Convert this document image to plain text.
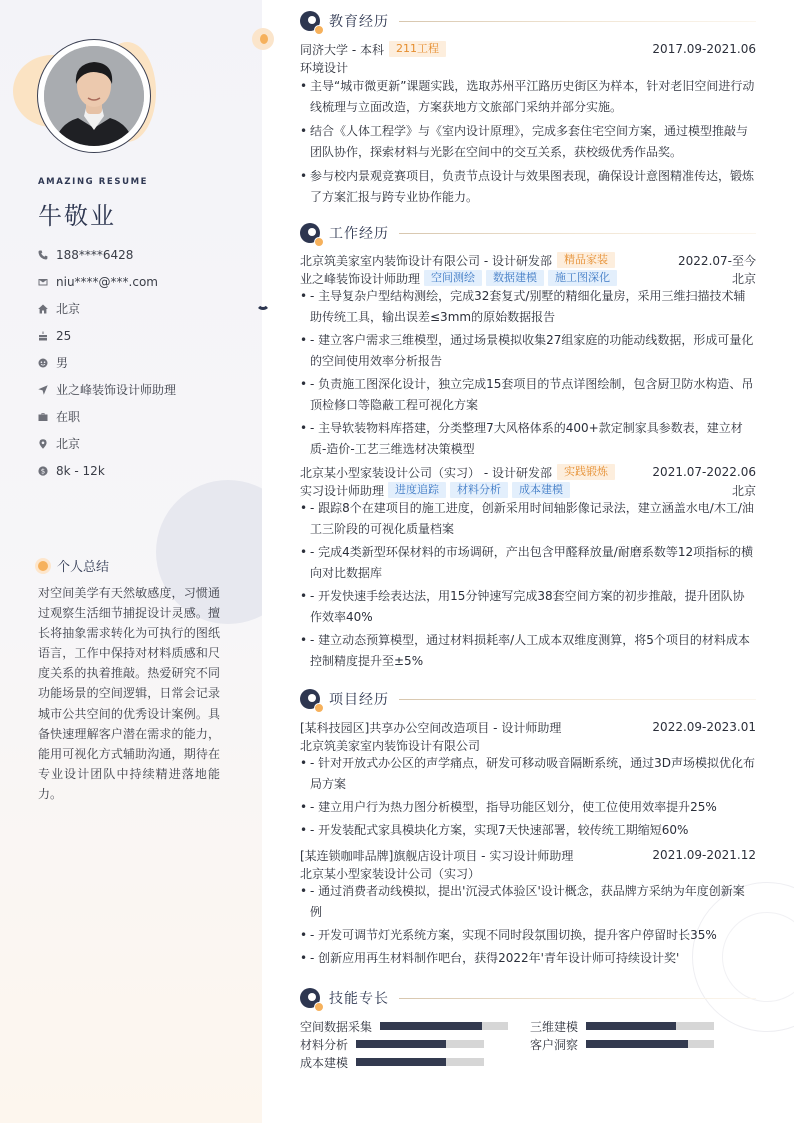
AMAZING RESUME
牛敬业
188****6428
niu****@***.com
北京
25
男
业之峰装饰设计师助理
在职
北京
$ 8k - 12k
个人总结

对空间美学有天然敏感度，习惯通过观察生活细节捕捉设计灵感。擅长将抽象需求转化为可执行的图纸语言，工作中保持对材料质感和尺度关系的执着推敲。热爱研究不同功能场景的空间逻辑，日常会记录城市公共空间的优秀设计案例。具备快速理解客户潜在需求的能力，能用可视化方式辅助沟通，期待在专业设计团队中持续精进落地能力。

教育经历
同济大学 - 本科	211工程	2017.09-2021.06
环境设计
• 主导“城市微更新”课题实践，选取苏州平江路历史街区为样本，针对老旧空间进行动线梳理与立面改造，方案获地方文旅部门采纳并部分实施。
• 结合《人体工程学》与《室内设计原理》，完成多套住宅空间方案，通过模型推敲与团队协作，探索材料与光影在空间中的交互关系，获校级优秀作品奖。
• 参与校内景观竞赛项目，负责节点设计与效果图表现，确保设计意图精准传达，锻炼了方案汇报与跨专业协作能力。
工作经历
北京筑美家室内装饰设计有限公司 - 设计研发部	精品家装	2022.07-至今
业之峰装饰设计师助理	空间测绘	数据建模	施工图深化	北京
• - 主导复杂户型结构测绘，完成32套复式/别墅的精细化量房，采用三维扫描技术辅助传统工具，输出误差≤3mm的原始数据报告
• - 建立客户需求三维模型，通过场景模拟收集27组家庭的功能动线数据，形成可量化的空间使用效率分析报告
• - 负责施工图深化设计，独立完成15套项目的节点详图绘制，包含厨卫防水构造、吊顶检修口等隐蔽工程可视化方案
• - 主导软装物料库搭建，分类整理7大风格体系的400+款定制家具参数表，建立材质-造价-工艺三维选材决策模型
北京某小型家装设计公司（实习） - 设计研发部	实践锻炼	2021.07-2022.06
实习设计师助理	进度追踪	材料分析	成本建模	北京
• - 跟踪8个在建项目的施工进度，创新采用时间轴影像记录法，建立涵盖水电/木工/油工三阶段的可视化质量档案
• - 完成4类新型环保材料的市场调研，产出包含甲醛释放量/耐磨系数等12项指标的横向对比数据库
• - 开发快速手绘表达法，用15分钟速写完成38套空间方案的初步推敲，提升团队协作效率40%
• - 建立动态预算模型，通过材料损耗率/人工成本双维度测算，将5个项目的材料成本控制精度提升至±5%
项目经历
[某科技园区]共享办公空间改造项目 - 设计师助理	2022.09-2023.01
北京筑美家室内装饰设计有限公司
• - 针对开放式办公区的声学痛点，研发可移动吸音隔断系统，通过3D声场模拟优化布局方案
• - 建立用户行为热力图分析模型，指导功能区划分，使工位使用效率提升25%
• - 开发装配式家具模块化方案，实现7天快速部署，较传统工期缩短60%
[某连锁咖啡品牌]旗舰店设计项目 - 实习设计师助理	2021.09-2021.12
北京某小型家装设计公司（实习）
• - 通过消费者动线模拟，提出'沉浸式体验区'设计概念，获品牌方采纳为年度创新案例
• - 开发可调节灯光系统方案，实现不同时段氛围切换，提升客户停留时长35%
• - 创新应用再生材料制作吧台，获得2022年'青年设计师可持续设计奖'
技能专长
空间数据采集	三维建模
材料分析	客户洞察
成本建模
